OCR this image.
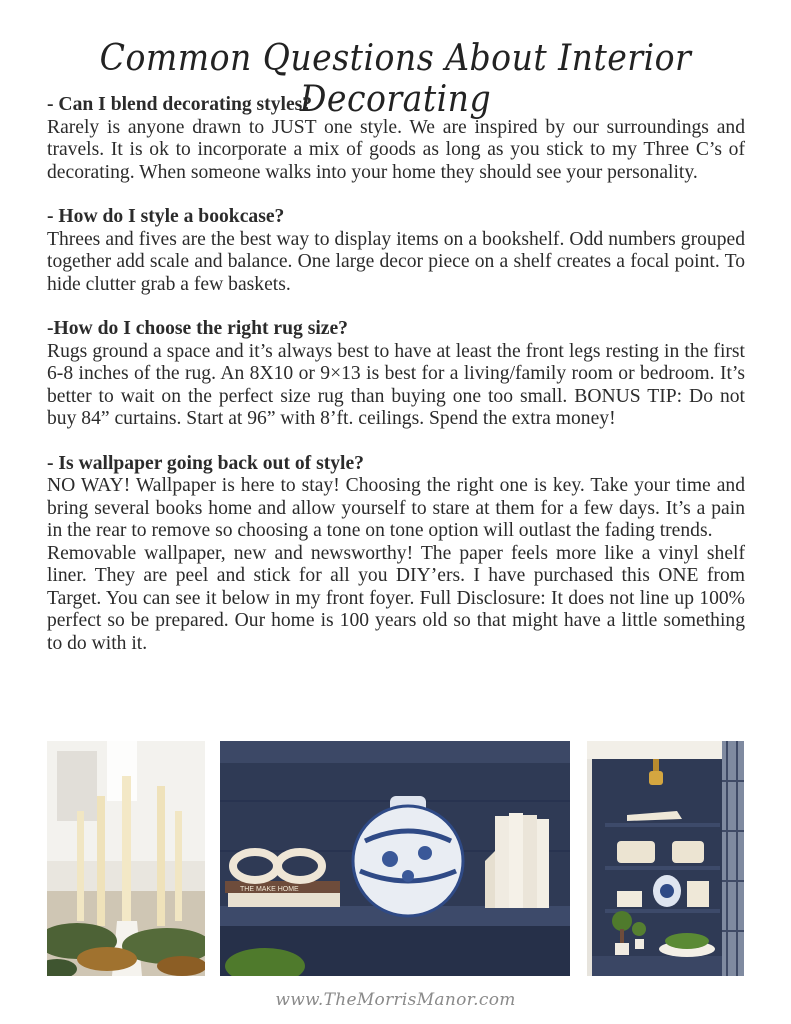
Common Questions About Interior Decorating

- Can I blend decorating styles?

Rarely is anyone drawn to JUST one style. We are inspired by our surroundings and travels. It is ok to incorporate a mix of goods as long as you stick to my Three C’s of decorating. When someone walks into your home they should see your personality.

- How do I style a bookcase?

Threes and fives are the best way to display items on a bookshelf. Odd numbers grouped together add scale and balance. One large decor piece on a shelf creates a focal point. To hide clutter grab a few baskets.

-How do I choose the right rug size?

Rugs ground a space and it’s always best to have at least the front legs resting in the first 6-8 inches of the rug. An 8X10 or 9×13 is best for a living/family room or bedroom. It’s better to wait on the perfect size rug than buying one too small. BONUS TIP: Do not buy 84” curtains. Start at 96” with 8’ft. ceilings. Spend the extra money!

- Is wallpaper going back out of style?

NO WAY! Wallpaper is here to stay! Choosing the right one is key. Take your time and bring several books home and allow yourself to stare at them for a few days. It’s a pain in the rear to remove so choosing a tone on tone option will outlast the fading trends.

Removable wallpaper, new and newsworthy! The paper feels more like a vinyl shelf liner. They are peel and stick for all you DIY’ers. I have purchased this ONE from Target. You can see it below in my front foyer. Full Disclosure: It does not line up 100% perfect so be prepared. Our home is 100 years old so that might have a little something to do with it.

THE MAKE HOME
www.TheMorrisManor.com
